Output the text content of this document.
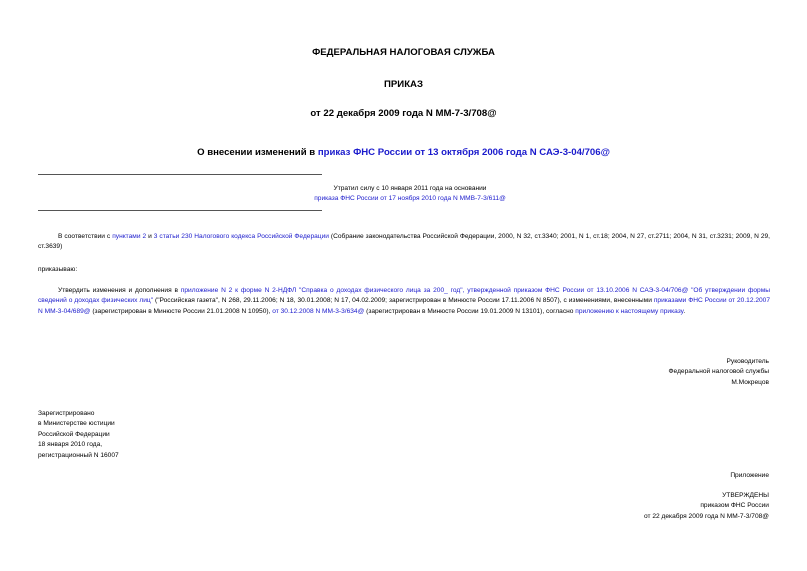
ФЕДЕРАЛЬНАЯ НАЛОГОВАЯ СЛУЖБА
ПРИКАЗ
от 22 декабря 2009 года N ММ-7-3/708@
О внесении изменений в приказ ФНС России от 13 октября 2006 года N САЭ-3-04/706@
Утратил силу с 10 января 2011 года на основании
приказа ФНС России от 17 ноября 2010 года N ММВ-7-3/611@
В соответствии с пунктами 2 и 3 статьи 230 Налогового кодекса Российской Федерации (Собрание законодательства Российской Федерации, 2000, N 32, ст.3340; 2001, N 1, ст.18; 2004, N 27, ст.2711; 2004, N 31, ст.3231; 2009, N 29, ст.3639)
приказываю:
Утвердить изменения и дополнения в приложение N 2 к форме N 2-НДФЛ "Справка о доходах физического лица за 200_ год", утвержденной приказом ФНС России от 13.10.2006 N САЭ-3-04/706@ "Об утверждении формы сведений о доходах физических лиц" ("Российская газета", N 268, 29.11.2006; N 18, 30.01.2008; N 17, 04.02.2009; зарегистрирован в Минюсте России 17.11.2006 N 8507), с изменениями, внесенными приказами ФНС России от 20.12.2007 N ММ-3-04/689@ (зарегистрирован в Минюсте России 21.01.2008 N 10950), от 30.12.2008 N ММ-3-3/634@ (зарегистрирован в Минюсте России 19.01.2009 N 13101), согласно приложению к настоящему приказу.
Руководитель
Федеральной налоговой службы
М.Мокрецов
Зарегистрировано
в Министерстве юстиции
Российской Федерации
18 января 2010 года,
регистрационный N 16007
Приложение
УТВЕРЖДЕНЫ
приказом ФНС России
от 22 декабря 2009 года N ММ-7-3/708@
